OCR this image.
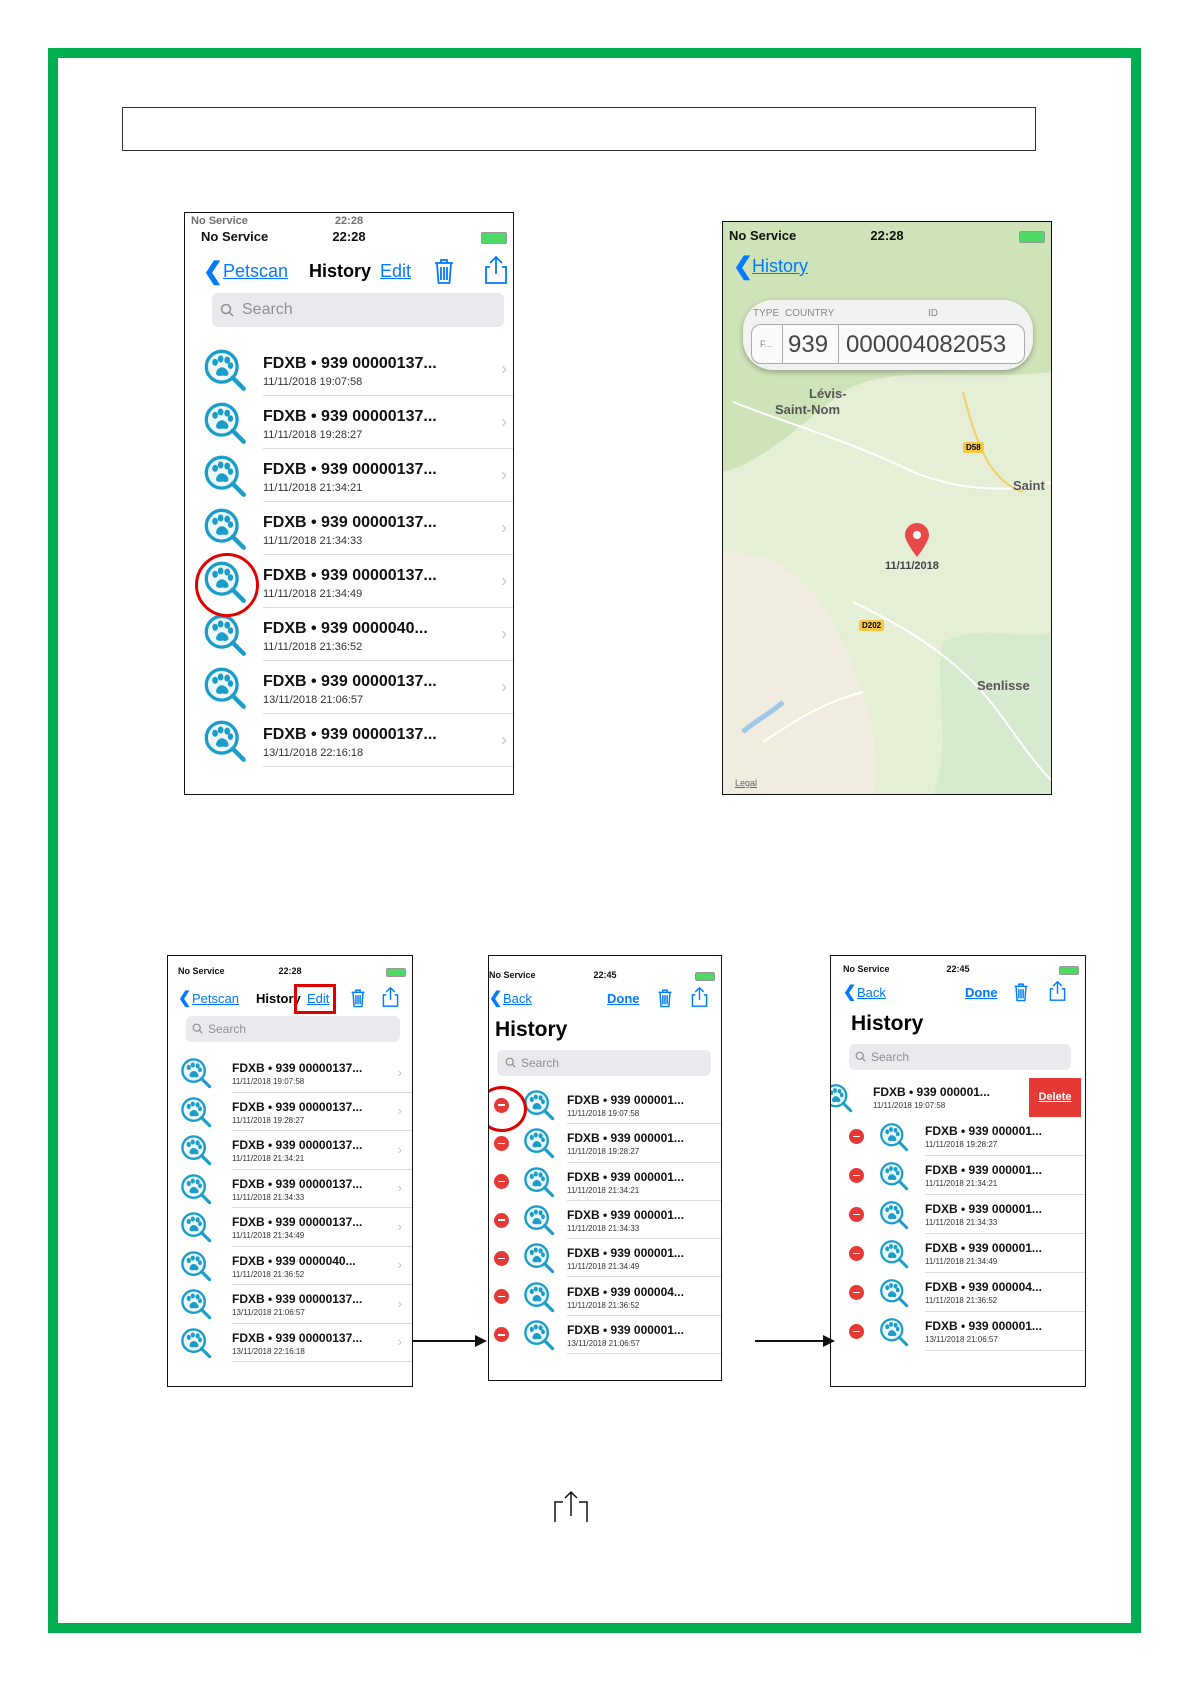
No Service	22:28
No Service	22:28
❮ Petscan History Edit
Search
FDXB • 939 00000137...
11/11/2018 19:07:58
›
FDXB • 939 00000137...
11/11/2018 19:28:27
›
FDXB • 939 00000137...
11/11/2018 21:34:21
›
FDXB • 939 00000137...
11/11/2018 21:34:33
›
FDXB • 939 00000137...
11/11/2018 21:34:49
›
FDXB • 939 0000040...
11/11/2018 21:36:52
›
FDXB • 939 00000137...
13/11/2018 21:06:57
›
FDXB • 939 00000137...
13/11/2018 22:16:18
›
No Service	22:28
❮
History
TYPE COUNTRY	ID
F... 939 000004082053
Lévis-
Saint-Nom
D58
Saint
11/11/2018
D202
Senlisse
Legal
No Service	22:28
❮ Petscan History Edit
Search
FDXB • 939 00000137...
11/11/2018 19:07:58
›
FDXB • 939 00000137...
11/11/2018 19:28:27
›
FDXB • 939 00000137...
11/11/2018 21:34:21
›
FDXB • 939 00000137...
11/11/2018 21:34:33
›
FDXB • 939 00000137...
11/11/2018 21:34:49
›
FDXB • 939 0000040...
11/11/2018 21:36:52
›
FDXB • 939 00000137...
13/11/2018 21:06:57
›
FDXB • 939 00000137...
13/11/2018 22:16:18
›
No Service	22:45
❮ Back	Done
History
Search
FDXB • 939 000001...
11/11/2018 19:07:58
FDXB • 939 000001...
11/11/2018 19:28:27
FDXB • 939 000001...
11/11/2018 21:34:21
FDXB • 939 000001...
11/11/2018 21:34:33
FDXB • 939 000001...
11/11/2018 21:34:49
FDXB • 939 000004...
11/11/2018 21:36:52
FDXB • 939 000001...
13/11/2018 21:06:57
No Service	22:45
❮ Back	Done
History
Search
FDXB • 939 000001...
11/11/2018 19:07:58
Delete
FDXB • 939 000001...
11/11/2018 19:28:27
FDXB • 939 000001...
11/11/2018 21:34:21
FDXB • 939 000001...
11/11/2018 21:34:33
FDXB • 939 000001...
11/11/2018 21:34:49
FDXB • 939 000004...
11/11/2018 21:36:52
FDXB • 939 000001...
13/11/2018 21:06:57
